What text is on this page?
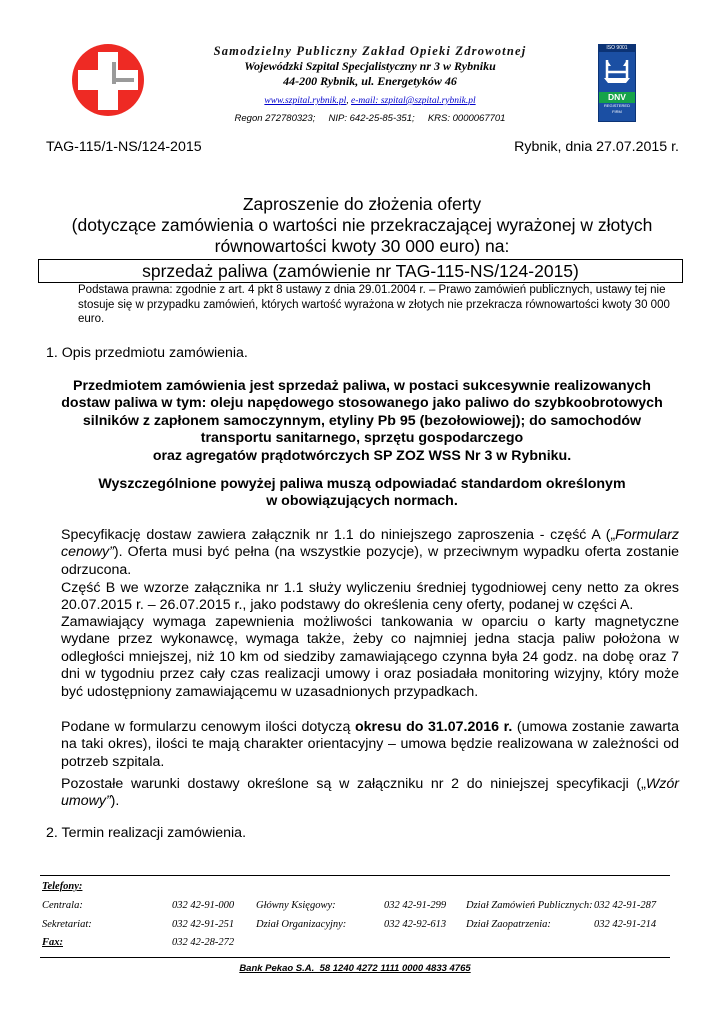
Samodzielny Publiczny Zakład Opieki Zdrowotnej
Wojewódzki Szpital Specjalistyczny nr 3 w Rybniku
44-200 Rybnik, ul. Energetyków 46
www.szpital.rybnik.pl, e-mail: szpital@szpital.rybnik.pl
Regon 272780323;     NIP: 642-25-85-351;     KRS: 0000067701
ISO 9001
DNV
REGISTERED
FIRM
TAG-115/1-NS/124-2015	Rybnik, dnia 27.07.2015 r.
Zaproszenie do złożenia oferty
(dotyczące zamówienia o wartości nie przekraczającej wyrażonej w złotych
równowartości kwoty 30 000 euro) na:
sprzedaż paliwa (zamówienie nr TAG-115-NS/124-2015)
Podstawa prawna: zgodnie z art. 4 pkt 8 ustawy z dnia 29.01.2004 r. – Prawo zamówień publicznych, ustawy tej nie stosuje się w przypadku zamówień, których wartość wyrażona w złotych nie przekracza równowartości kwoty 30 000 euro.
1. Opis przedmiotu zamówienia.
Przedmiotem zamówienia jest sprzedaż paliwa, w postaci sukcesywnie realizowanych
dostaw paliwa w tym: oleju napędowego stosowanego jako paliwo do szybkoobrotowych
silników z zapłonem samoczynnym, etyliny Pb 95 (bezołowiowej); do samochodów
transportu sanitarnego, sprzętu gospodarczego
oraz agregatów prądotwórczych SP ZOZ WSS Nr 3 w Rybniku.
Wyszczególnione powyżej paliwa muszą odpowiadać standardom określonym
w obowiązujących normach.
Specyfikację dostaw zawiera załącznik nr 1.1 do niniejszego zaproszenia - część A („Formularz cenowy”). Oferta musi być pełna (na wszystkie pozycje), w przeciwnym wypadku oferta zostanie odrzucona.
Część B we wzorze załącznika nr 1.1 służy wyliczeniu średniej tygodniowej ceny netto za okres 20.07.2015 r. – 26.07.2015 r., jako podstawy do określenia ceny oferty, podanej w części A.
Zamawiający wymaga zapewnienia możliwości tankowania w oparciu o karty magnetyczne wydane przez wykonawcę, wymaga także, żeby co najmniej jedna stacja paliw położona w odległości mniejszej, niż 10 km od siedziby zamawiającego czynna była 24 godz. na dobę oraz 7 dni w tygodniu przez cały czas realizacji umowy i oraz posiadała monitoring wizyjny, który może być udostępniony zamawiającemu w uzasadnionych przypadkach.
Podane w formularzu cenowym ilości dotyczą okresu do 31.07.2016 r. (umowa zostanie zawarta na taki okres), ilości te mają charakter orientacyjny – umowa będzie realizowana w zależności od potrzeb szpitala.
Pozostałe warunki dostawy określone są w załączniku nr 2 do niniejszej specyfikacji („Wzór umowy”).
2. Termin realizacji zamówienia.
Telefony:
Centrala:	032 42-91-000 Główny Księgowy:	032 42-91-299 Dział Zamówień Publicznych: 032 42-91-287
Sekretariat:	032 42-91-251 Dział Organizacyjny:	032 42-92-613 Dział Zaopatrzenia:	032 42-91-214
Fax:	032 42-28-272
Bank Pekao S.A.  58 1240 4272 1111 0000 4833 4765
